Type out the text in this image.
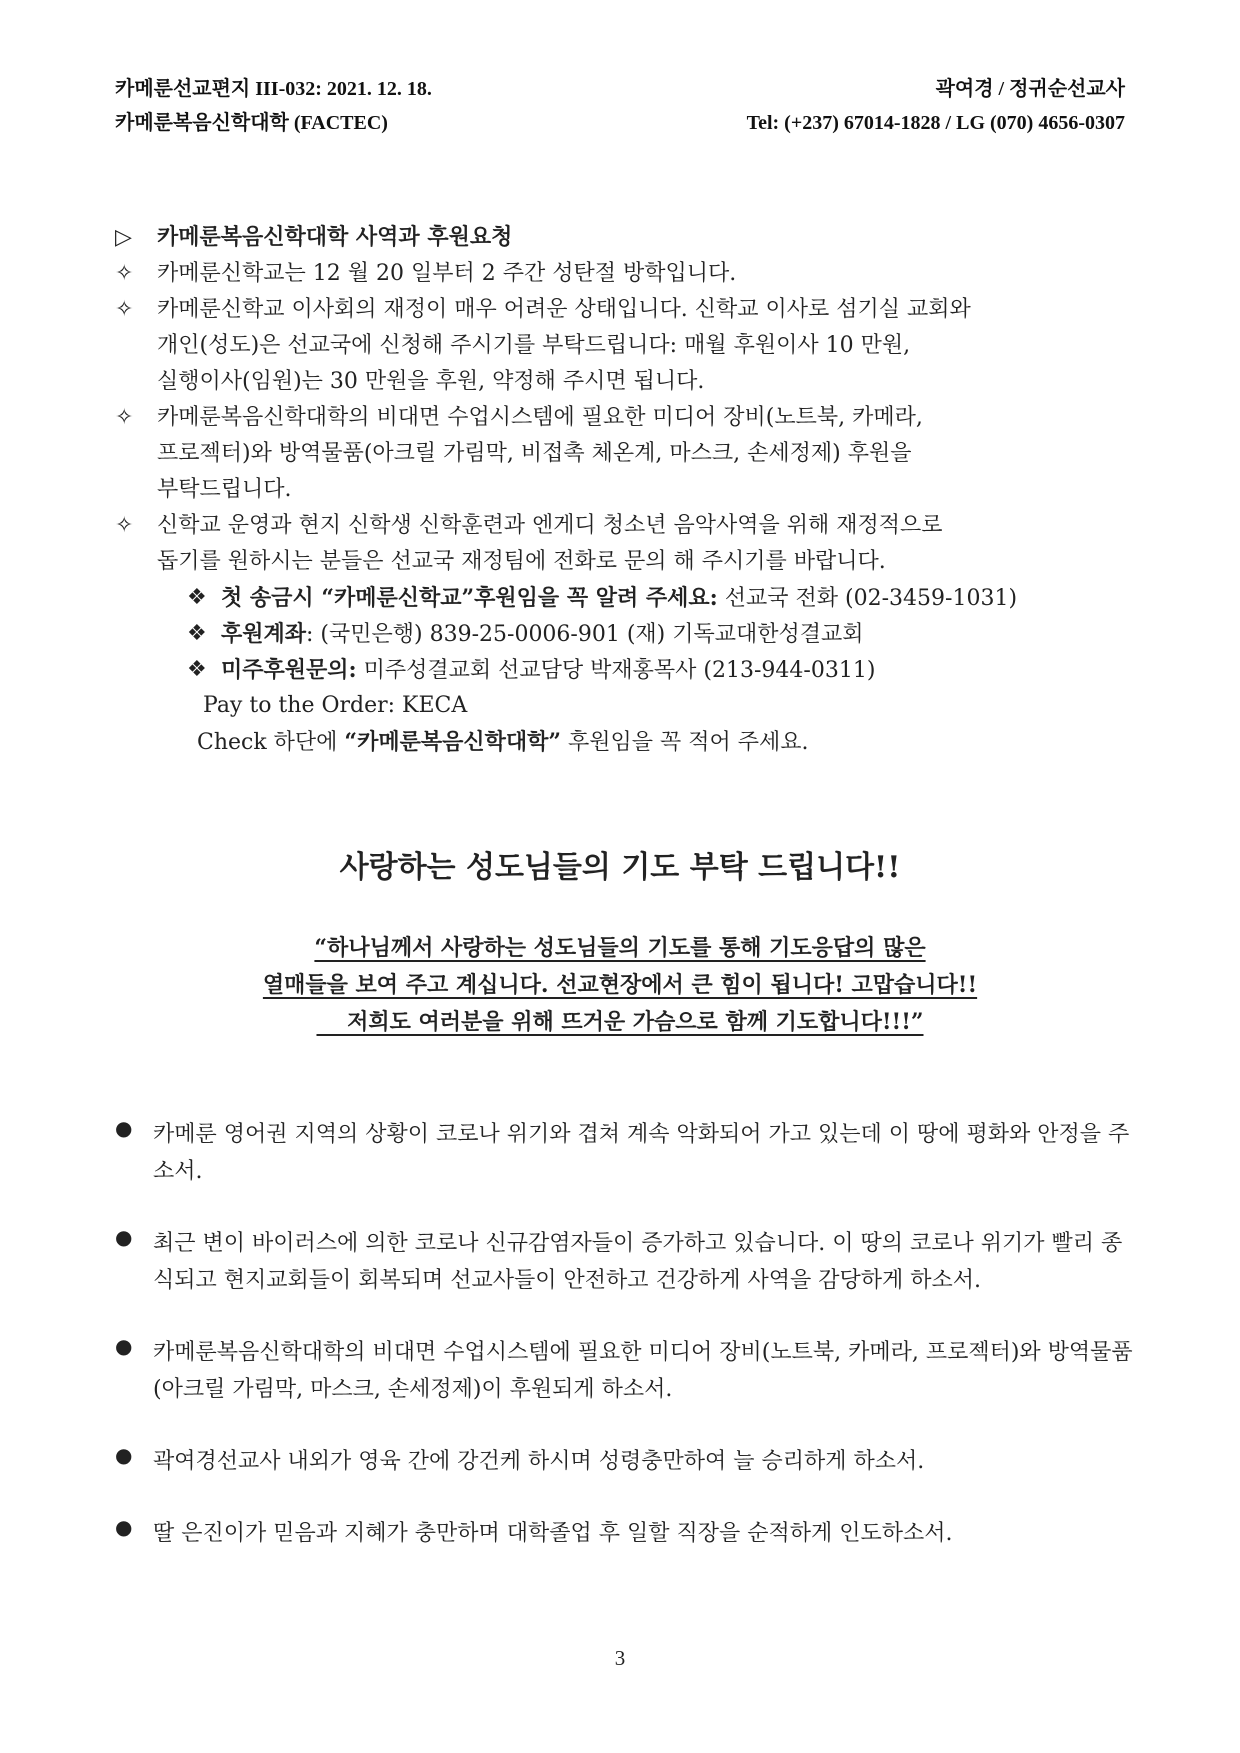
카메룬선교편지 III-032: 2021. 12. 18.
카메룬복음신학대학 (FACTEC)
곽여경 / 정귀순선교사
Tel: (+237) 67014-1828 / LG (070) 4656-0307
▷	카메룬복음신학대학 사역과 후원요청
✧	카메룬신학교는 12 월 20 일부터 2 주간 성탄절 방학입니다.
✧	카메룬신학교 이사회의 재정이 매우 어려운 상태입니다. 신학교 이사로 섬기실 교회와
개인(성도)은 선교국에 신청해 주시기를 부탁드립니다: 매월 후원이사 10 만원,
실행이사(임원)는 30 만원을 후원, 약정해 주시면 됩니다.
✧	카메룬복음신학대학의 비대면 수업시스템에 필요한 미디어 장비(노트북, 카메라,
프로젝터)와 방역물품(아크릴 가림막, 비접촉 체온계, 마스크, 손세정제) 후원을
부탁드립니다.
✧	신학교 운영과 현지 신학생 신학훈련과 엔게디 청소년 음악사역을 위해 재정적으로
돕기를 원하시는 분들은 선교국 재정팀에 전화로 문의 해 주시기를 바랍니다.
❖ 첫 송금시 “카메룬신학교”후원임을 꼭 알려 주세요: 선교국 전화 (02-3459-1031)
❖ 후원계좌: (국민은행) 839-25-0006-901 (재) 기독교대한성결교회
❖ 미주후원문의: 미주성결교회 선교담당 박재홍목사 (213-944-0311)
Pay to the Order: KECA
Check 하단에 “카메룬복음신학대학” 후원임을 꼭 적어 주세요.
사랑하는 성도님들의 기도 부탁 드립니다!!
“하나님께서 사랑하는 성도님들의 기도를 통해 기도응답의 많은
열매들을 보여 주고 계십니다. 선교현장에서 큰 힘이 됩니다! 고맙습니다!!
저희도 여러분을 위해 뜨거운 가슴으로 함께 기도합니다!!!”
● 카메룬 영어권 지역의 상황이 코로나 위기와 겹쳐 계속 악화되어 가고 있는데 이 땅에 평화와 안정을 주소서.
● 최근 변이 바이러스에 의한 코로나 신규감염자들이 증가하고 있습니다. 이 땅의 코로나 위기가 빨리 종식되고 현지교회들이 회복되며 선교사들이 안전하고 건강하게 사역을 감당하게 하소서.
● 카메룬복음신학대학의 비대면 수업시스템에 필요한 미디어 장비(노트북, 카메라, 프로젝터)와 방역물품(아크릴 가림막, 마스크, 손세정제)이 후원되게 하소서.
● 곽여경선교사 내외가 영육 간에 강건케 하시며 성령충만하여 늘 승리하게 하소서.
● 딸 은진이가 믿음과 지혜가 충만하며 대학졸업 후 일할 직장을 순적하게 인도하소서.
3
